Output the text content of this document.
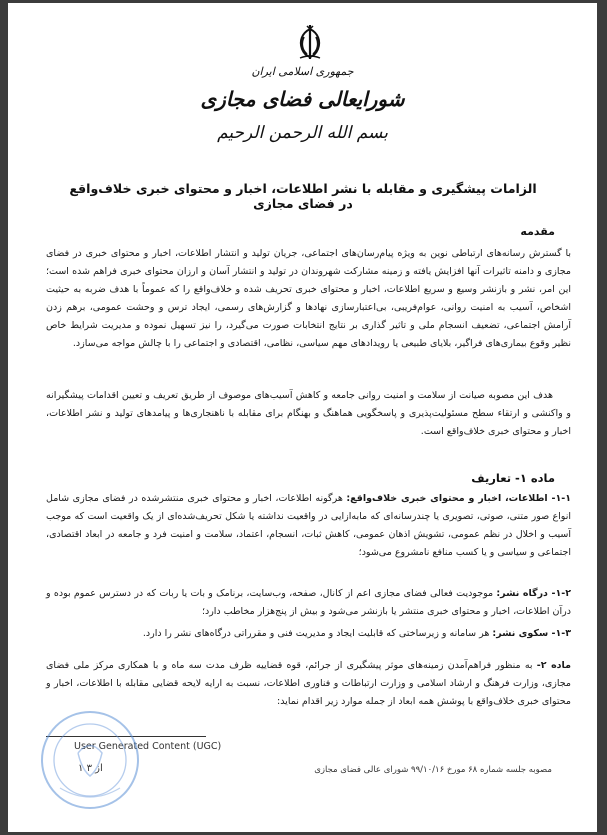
جمهوری اسلامی ایران
شورایعالی فضای مجازی
بسم الله الرحمن الرحیم
الزامات پیشگیری و مقابله با نشر اطلاعات، اخبار و محتوای خبری خلاف‌واقع در فضای مجازی
مقدمه
با گسترش رسانه‌های ارتباطی نوین به ویژه پیام‌رسان‌های اجتماعی، جریان تولید و انتشار اطلاعات، اخبار و محتوای خبری در فضای مجازی و دامنه تاثیرات آنها افزایش یافته و زمینه مشارکت شهروندان در تولید و انتشار آسان و ارزان محتوای خبری فراهم شده است؛ این امر، نشر و بازنشر وسیع و سریع اطلاعات، اخبار و محتوای خبری تحریف شده و خلاف‌واقع را که عموماً با هدف ضربه به حیثیت اشخاص، آسیب به امنیت روانی، عوام‌فریبی، بی‌اعتبارسازی نهادها و گزارش‌های رسمی، ایجاد ترس و وحشت عمومی، برهم زدن آرامش اجتماعی، تضعیف انسجام ملی و تاثیر گذاری بر نتایج انتخابات صورت می‌گیرد، را نیز تسهیل نموده و مدیریت شرایط خاص نظیر وقوع بیماری‌های فراگیر، بلایای طبیعی یا رویدادهای مهم سیاسی، نظامی، اقتصادی و اجتماعی را با چالش مواجه می‌سازد.
هدف این مصوبه صیانت از سلامت و امنیت روانی جامعه و کاهش آسیب‌های موصوف از طریق تعریف و تعیین اقدامات پیشگیرانه و واکنشی و ارتقاء سطح مسئولیت‌پذیری و پاسخگویی هماهنگ و بهنگام برای مقابله با ناهنجاری‌ها و پیامدهای تولید و نشر اطلاعات، اخبار و محتوای خبری خلاف‌واقع است.
ماده ۱- تعاریف
۱-۱- اطلاعات، اخبار و محتوای خبری خلاف‌واقع: هرگونه اطلاعات، اخبار و محتوای خبری منتشرشده در فضای مجازی شامل انواع صور متنی، صوتی، تصویری یا چندرسانه‌ای که مابه‌ازایی در واقعیت نداشته یا شکل تحریف‌شده‌ای از یک واقعیت است که موجب آسیب و اخلال در نظم عمومی، تشویش اذهان عمومی، کاهش ثبات، انسجام، اعتماد، سلامت و امنیت فرد و جامعه در ابعاد اقتصادی، اجتماعی و سیاسی و یا کسب منافع نامشروع می‌شود؛
۱-۲- درگاه نشر: موجودیت فعالی فضای مجازی اعم از کانال، صفحه، وب‌سایت، برنامک و بات یا ربات که در دسترس عموم بوده و درآن اطلاعات، اخبار و محتوای خبری منتشر یا بازنشر می‌شود و بیش از پنج‌هزار مخاطب دارد؛
۱-۳- سکوی نشر: هر سامانه و زیرساختی که قابلیت ایجاد و مدیریت فنی و مقرراتی درگاه‌های نشر را دارد.
ماده ۲- به منظور فراهم‌آمدن زمینه‌های موثر پیشگیری از جرائم، قوه قضاییه ظرف مدت سه ماه و با همکاری مرکز ملی فضای مجازی، وزارت فرهنگ و ارشاد اسلامی و وزارت ارتباطات و فناوری اطلاعات، نسبت به ارایه لایحه قضایی مقابله با اطلاعات، اخبار و محتوای خبری خلاف‌واقع با پوشش همه ابعاد از جمله موارد زیر اقدام نماید:
User Generated Content (UGC)
۱ از ۳	مصوبه جلسه شماره ۶۸ مورخ ۹۹/۱۰/۱۶ شورای عالی فضای مجازی
